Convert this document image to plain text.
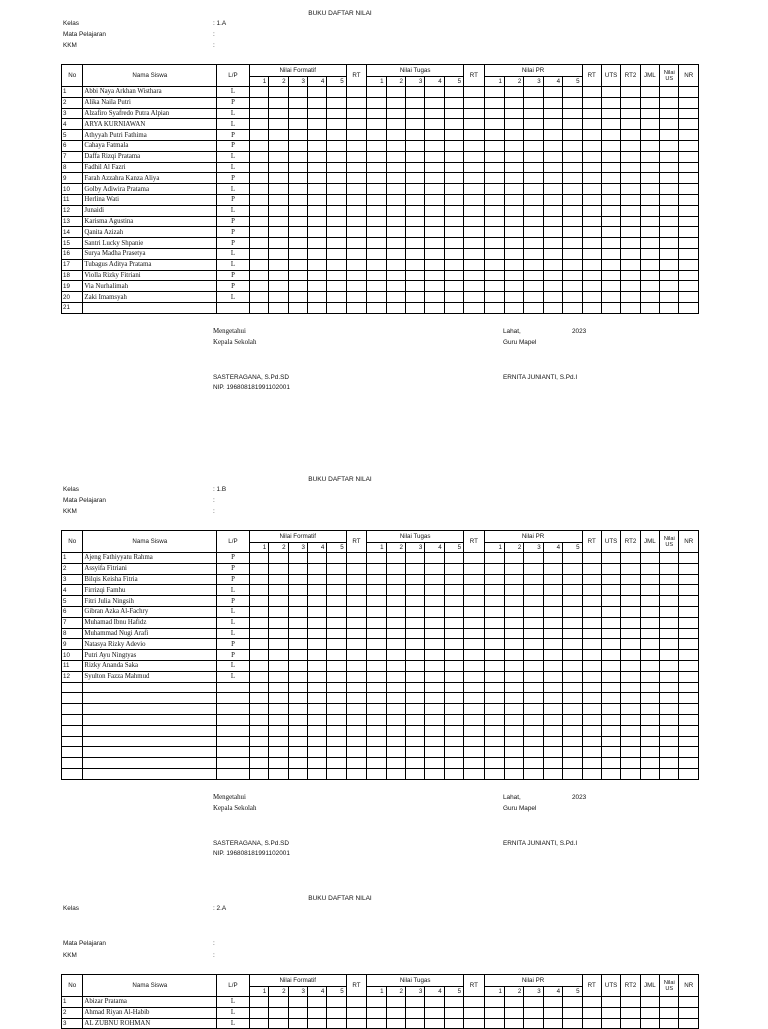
BUKU DAFTAR NILAI
Kelas	: 1.A
Mata Pelajaran	:
KKM	:
No	Nama Siswa	L/P	Nilai Formatif					RT	Nilai Tugas					RT	Nilai PR					RT	UTS	RT2	JML	Nilai US	NR
			1	2	3	4	5		1	2	3	4	5		1	2	3	4	5						
1	Abbi Naya Arkhan Wisthara	L																							
2	Alika Naila Putri	P																							
3	Alzafiro Syafredo Putra Alpian	L																							
4	ARYA KURNIAWAN	L																							
5	Athyyah Putri Fathima	P																							
6	Cahaya Fatmala	P																							
7	Daffa Rizqi Pratama	L																							
8	Fadhil Al Fazri	L																							
9	Farah Azzahra Kanza Aliya	P																							
10	Golby Adiwira Pratama	L																							
11	Herlina Wati	P																							
12	Junaidi	L																							
13	Karisma Agustina	P																							
14	Qanita Azizah	P																							
15	Santri Lucky Shpanie	P																							
16	Surya Madha Prasetya	L																							
17	Tubagus Aditya Pratama	L																							
18	Violla Rizky Fitriani	P																							
19	Via Nurhalimah	P																							
20	Zaki Imamsyah	L																							
21																									
Mengetahui
Kepala Sekolah
Lahat,	2023
Guru Mapel
SASTERAGANA, S.Pd.SD
NIP. 196808181991102001
ERNITA JUNIANTI, S.Pd.I
BUKU DAFTAR NILAI
Kelas	: 1.B
Mata Pelajaran	:
KKM	:
No	Nama Siswa	L/P	Nilai Formatif					RT	Nilai Tugas					RT	Nilai PR					RT	UTS	RT2	JML	Nilai US	NR
			1	2	3	4	5		1	2	3	4	5		1	2	3	4	5						
1	Ajeng Fathiyyatu Rahma	P																							
2	Assyifa Fitriani	P																							
3	Bilqis Keisha Fitria	P																							
4	Firrizqi Famhu	L																							
5	Fitri Julia Ningsih	P																							
6	Gibran Azka Al-Fachry	L																							
7	Muhamad Ibnu Hafidz	L																							
8	Muhammad Nugi Arafi	L																							
9	Natasya Rizky Adevio	P																							
10	Putri Ayu Ningtyas	P																							
11	Rizky Ananda Saka	L																							
12	Syulton Fazza Mahmud	L																							

Mengetahui
Kepala Sekolah
Lahat,	2023
Guru Mapel
SASTERAGANA, S.Pd.SD
NIP. 196808181991102001
ERNITA JUNIANTI, S.Pd.I
BUKU DAFTAR NILAI
Kelas	: 2.A
Mata Pelajaran	:
KKM	:
No	Nama Siswa	L/P	Nilai Formatif					RT	Nilai Tugas					RT	Nilai PR					RT	UTS	RT2	JML	Nilai US	NR
			1	2	3	4	5		1	2	3	4	5		1	2	3	4	5						
1	Abizar Pratama	L																							
2	Ahmad Riyan Al-Habib	L																							
3	AL ZUBNU ROHMAN	L																							
